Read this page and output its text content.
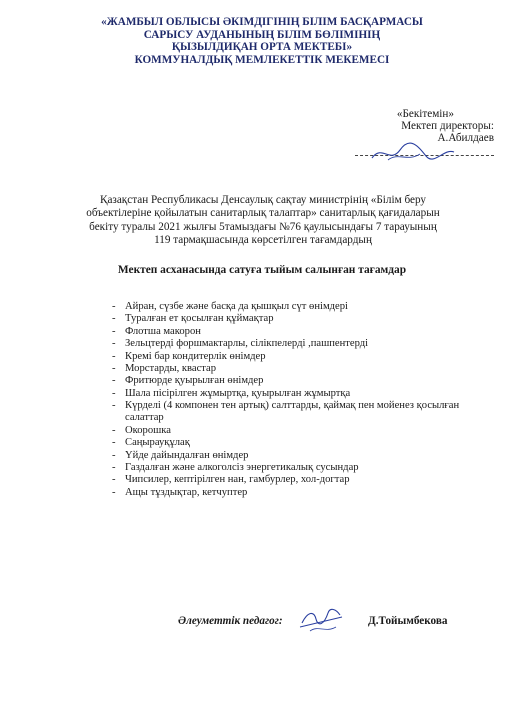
«ЖАМБЫЛ ОБЛЫСЫ ӘКІМДІГІНІҢ БІЛІМ БАСҚАРМАСЫ
САРЫСУ АУДАНЫНЫҢ БІЛІМ БӨЛІМІНІҢ
ҚЫЗЫЛДИҚАН ОРТА МЕКТЕБІ»
КОММУНАЛДЫҚ МЕМЛЕКЕТТІК МЕКЕМЕСІ
«Бекітемін»
Мектеп директоры:
А.Абилдаев
Қазақстан Республикасы Денсаулық сақтау министрінің «Білім беру
объектілеріне қойылатын санитарлық талаптар» санитарлық қағидаларын
бекіту туралы 2021 жылғы 5тамыздағы №76 қаулысындағы 7 тарауының
119 тармақшасында көрсетілген тағамдардың
Мектеп асханасында сатуға тыйым салынған тағамдар
- Айран, сүзбе және басқа да қышқыл сүт өнімдері
- Туралған ет қосылған құймақтар
- Флотша макорон
- Зельцтерді форшмактарлы, сілікпелерді ,пашпентерді
- Кремі бар кондитерлік өнімдер
- Морстарды, квастар
- Фритюрде қуырылған өнімдер
- Шала пісірілген жұмыртқа, қуырылған жұмыртқа
- Күрделі (4 компонен тен артық) салттарды, қаймақ пен мойенез қосылған салаттар
- Окорошка
- Саңырауқұлақ
- Үйде дайындалған өнімдер
- Газдалған және алкоголсіз энергетикалық сусындар
- Чипсилер, кептірілген нан, гамбурлер, хол-догтар
- Ащы тұздықтар, кетчуптер
Әлеуметтік педагог:	Д.Тойымбекова
